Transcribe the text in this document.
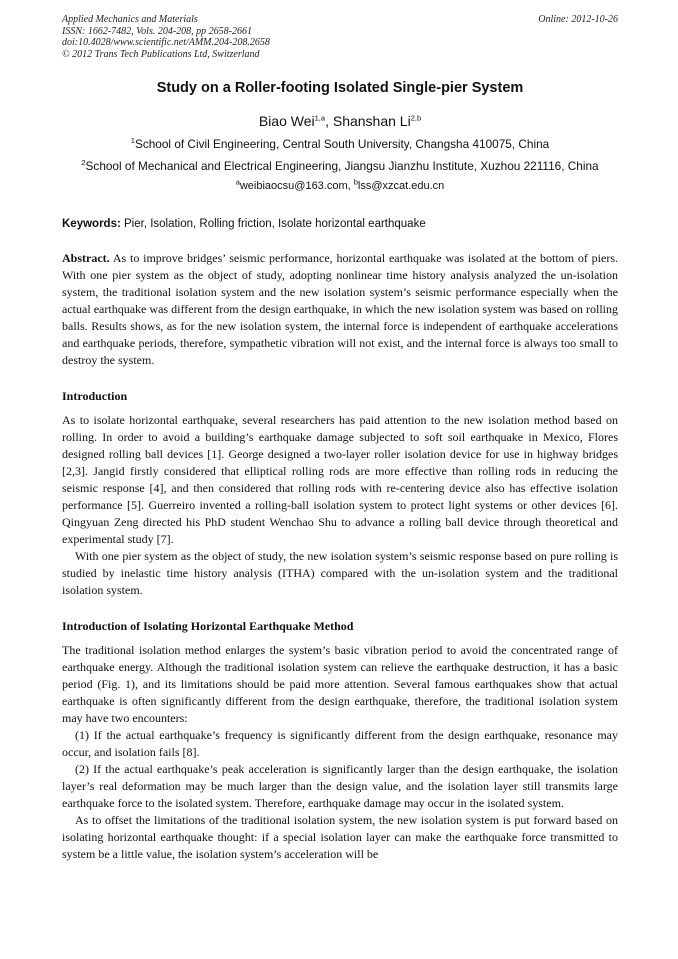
Applied Mechanics and Materials
ISSN: 1662-7482, Vols. 204-208, pp 2658-2661
doi:10.4028/www.scientific.net/AMM.204-208.2658
© 2012 Trans Tech Publications Ltd, Switzerland
Online: 2012-10-26
Study on a Roller-footing Isolated Single-pier System
Biao Wei$^{1,a}$, Shanshan Li$^{2,b}$
$^1$School of Civil Engineering, Central South University, Changsha 410075, China
$^2$School of Mechanical and Electrical Engineering, Jiangsu Jianzhu Institute, Xuzhou 221116, China
$^a$weibiaocsu@163.com, $^b$lss@xzcat.edu.cn
Keywords: Pier, Isolation, Rolling friction, Isolate horizontal earthquake

Abstract. As to improve bridges’ seismic performance, horizontal earthquake was isolated at the bottom of piers. With one pier system as the object of study, adopting nonlinear time history analysis analyzed the un-isolation system, the traditional isolation system and the new isolation system’s seismic performance especially when the actual earthquake was different from the design earthquake, in which the new isolation system was based on rolling balls. Results shows, as for the new isolation system, the internal force is independent of earthquake accelerations and earthquake periods, therefore, sympathetic vibration will not exist, and the internal force is always too small to destroy the system.

Introduction

As to isolate horizontal earthquake, several researchers has paid attention to the new isolation method based on rolling. In order to avoid a building’s earthquake damage subjected to soft soil earthquake in Mexico, Flores designed rolling ball devices [1]. George designed a two-layer roller isolation device for use in highway bridges [2,3]. Jangid firstly considered that elliptical rolling rods are more effective than rolling rods in reducing the seismic response [4], and then considered that rolling rods with re-centering device also has effective isolation performance [5]. Guerreiro invented a rolling-ball isolation system to protect light systems or other devices [6]. Qingyuan Zeng directed his PhD student Wenchao Shu to advance a rolling ball device through theoretical and experimental study [7].

With one pier system as the object of study, the new isolation system’s seismic response based on pure rolling is studied by inelastic time history analysis (ITHA) compared with the un-isolation system and the traditional isolation system.

Introduction of Isolating Horizontal Earthquake Method

The traditional isolation method enlarges the system’s basic vibration period to avoid the concentrated range of earthquake energy. Although the traditional isolation system can relieve the earthquake destruction, it has a basic period (Fig. 1), and its limitations should be paid more attention. Several famous earthquakes show that actual earthquake is often significantly different from the design earthquake, therefore, the traditional isolation system may have two encounters:

(1) If the actual earthquake’s frequency is significantly different from the design earthquake, resonance may occur, and isolation fails [8].

(2) If the actual earthquake’s peak acceleration is significantly larger than the design earthquake, the isolation layer’s real deformation may be much larger than the design value, and the isolation layer still transmits large earthquake force to the isolated system. Therefore, earthquake damage may occur in the isolated system.

As to offset the limitations of the traditional isolation system, the new isolation system is put forward based on isolating horizontal earthquake thought: if a special isolation layer can make the earthquake force transmitted to system be a little value, the isolation system’s acceleration will be
